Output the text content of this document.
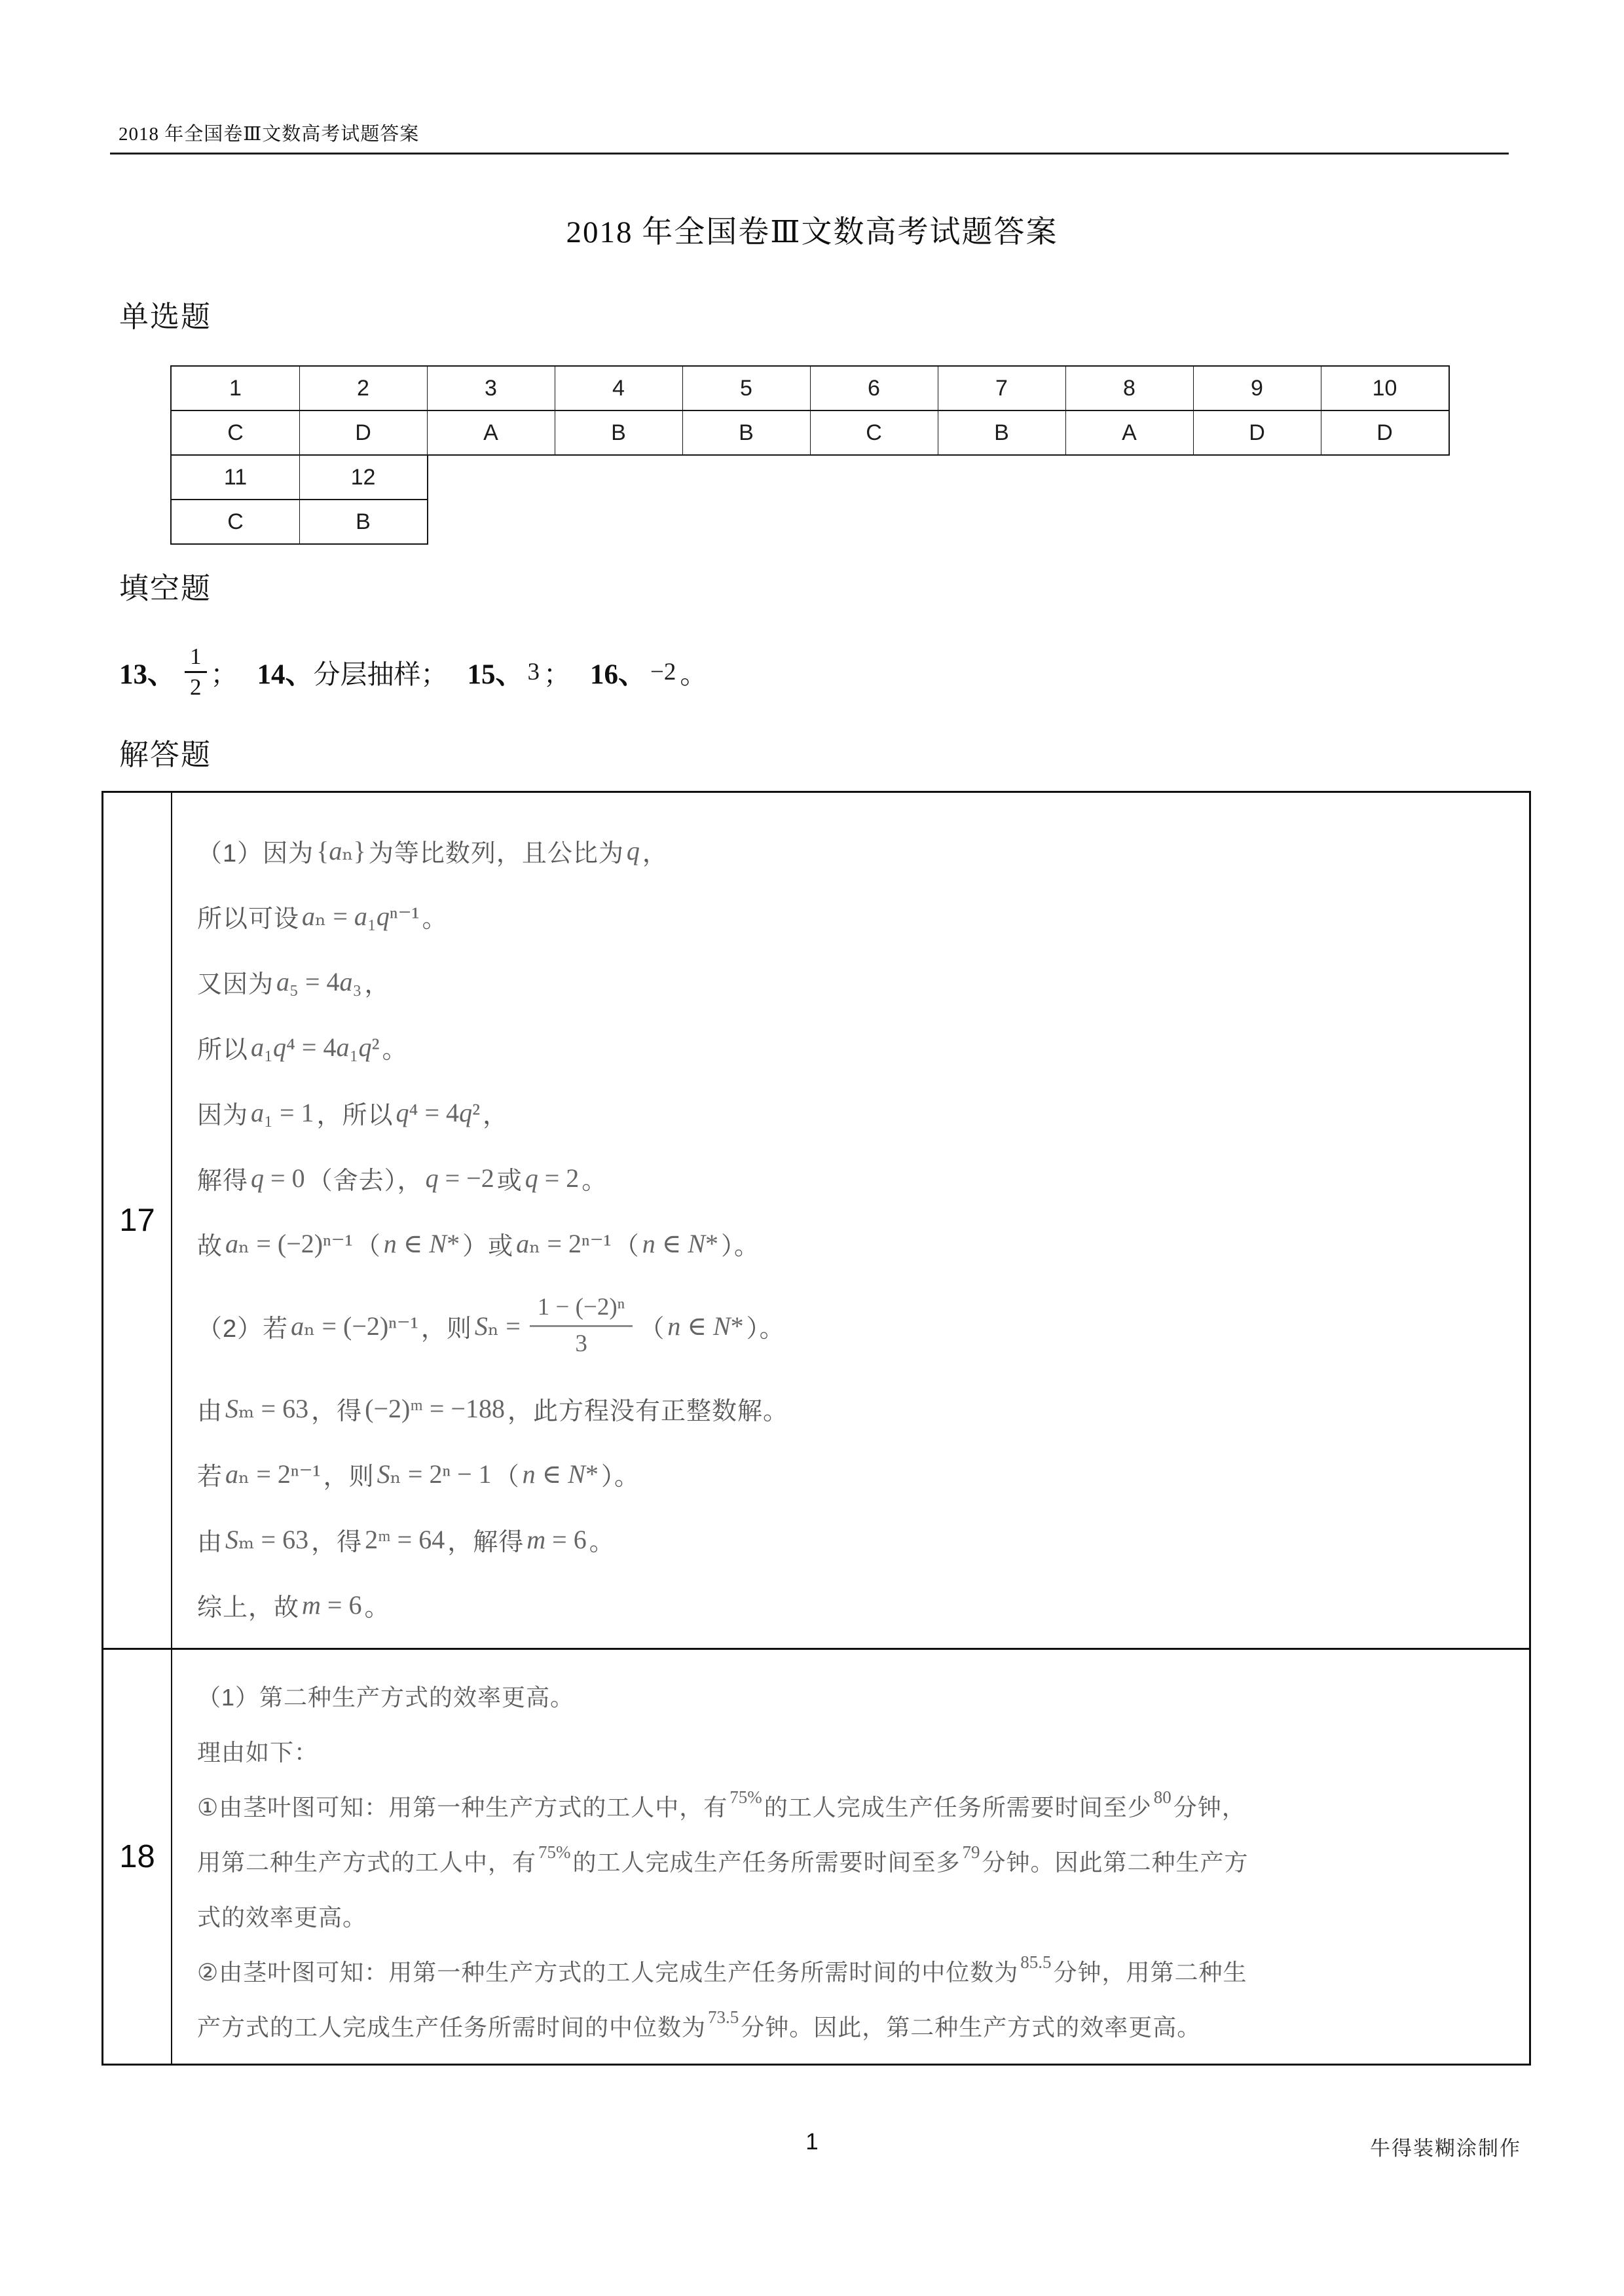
2018 年全国卷Ⅲ文数高考试题答案
2018 年全国卷Ⅲ文数高考试题答案
单选题
1	2	3	4	5	6	7	8	9	10
C	D	A	B	B	C	B	A	D	D
11	12
C	B
填空题
13、 $\frac{1}{2}$ ； 14、 分层抽样 ； 15、 3 ； 16、 −2 。
解答题
17
（1）因为 {aₙ} 为等比数列，且公比为 q ，
所以可设 aₙ = a₁qⁿ⁻¹ 。
又因为 a₅ = 4a₃ ，
所以 a₁q⁴ = 4a₁q² 。
因为 a₁ = 1 ，所以 q⁴ = 4q² ，
解得 q = 0 （舍去）， q = −2 或 q = 2 。
故 aₙ = (−2)ⁿ⁻¹ （ n ∈ N* ）或 aₙ = 2ⁿ⁻¹ （ n ∈ N* ）。
（2）若 aₙ = (−2)ⁿ⁻¹ ，则 $S_n = \frac{\text{1 − (−2)ⁿ}}{3}$ （ n ∈ N* ）。
由 Sₘ = 63 ，得 (−2)ᵐ = −188 ，此方程没有正整数解。
若 aₙ = 2ⁿ⁻¹ ，则 Sₙ = 2ⁿ − 1 （ n ∈ N* ）。
由 Sₘ = 63 ，得 2ᵐ = 64 ，解得 m = 6 。
综上，故 m = 6 。
18
（1）第二种生产方式的效率更高。
理由如下：
①由茎叶图可知：用第一种生产方式的工人中，有 75% 的工人完成生产任务所需要时间至少 80 分钟，
用第二种生产方式的工人中，有 75% 的工人完成生产任务所需要时间至多 79 分钟。因此第二种生产方
式的效率更高。
②由茎叶图可知：用第一种生产方式的工人完成生产任务所需时间的中位数为 85.5 分钟，用第二种生
产方式的工人完成生产任务所需时间的中位数为 73.5 分钟。因此，第二种生产方式的效率更高。
1	牛得装糊涂制作
